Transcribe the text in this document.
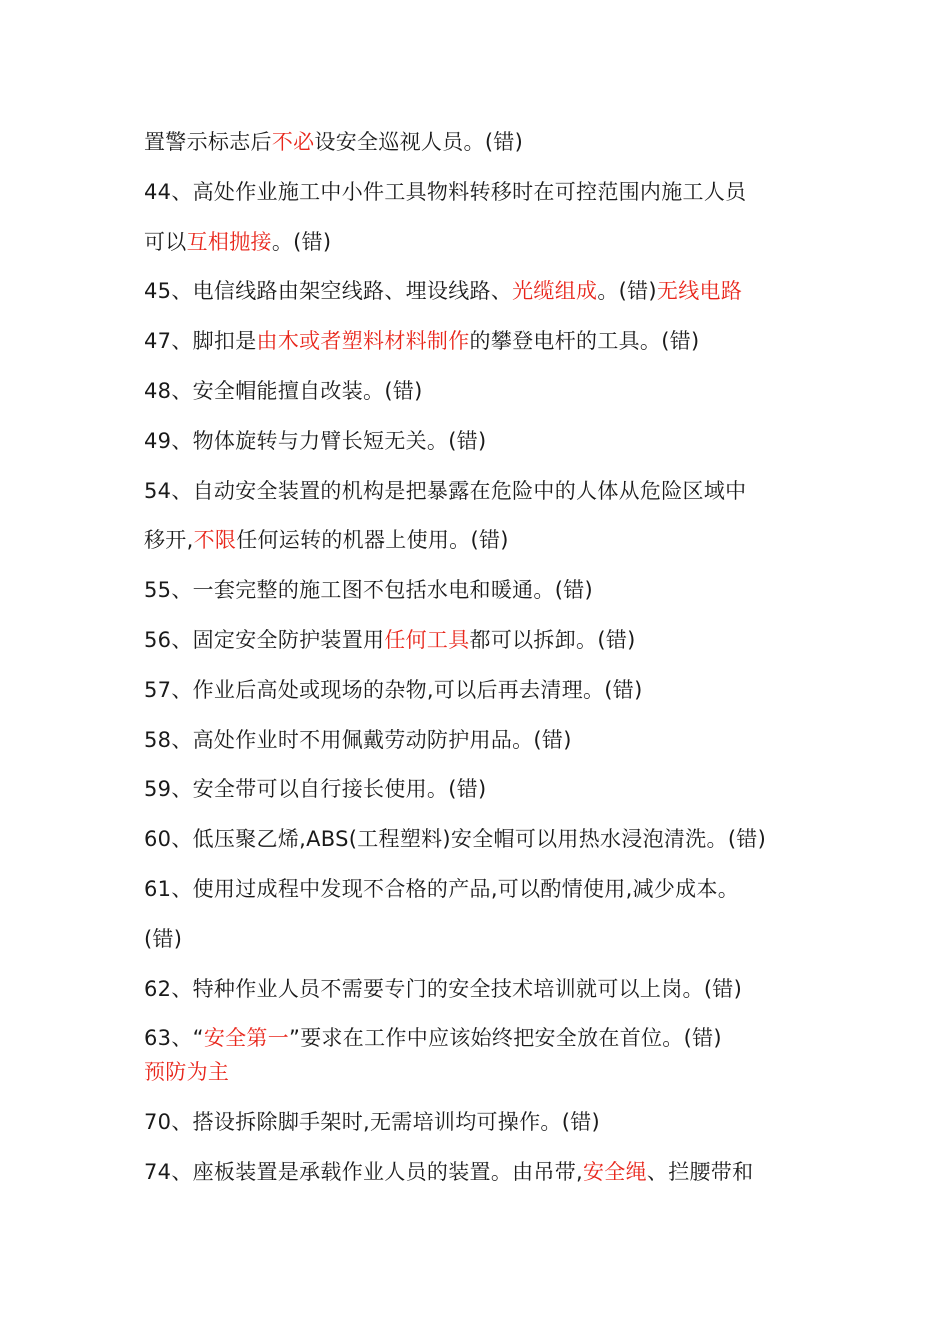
置警示标志后不必设安全巡视人员。(错)
44、高处作业施工中小件工具物料转移时在可控范围内施工人员
可以互相抛接。(错)
45、电信线路由架空线路、埋设线路、光缆组成。(错)无线电路
47、脚扣是由木或者塑料材料制作的攀登电杆的工具。(错)
48、安全帽能擅自改装。(错)
49、物体旋转与力臂长短无关。(错)
54、自动安全装置的机构是把暴露在危险中的人体从危险区域中
移开,不限任何运转的机器上使用。(错)
55、一套完整的施工图不包括水电和暖通。(错)
56、固定安全防护装置用任何工具都可以拆卸。(错)
57、作业后高处或现场的杂物,可以后再去清理。(错)
58、高处作业时不用佩戴劳动防护用品。(错)
59、安全带可以自行接长使用。(错)
60、低压聚乙烯,ABS(工程塑料)安全帽可以用热水浸泡清洗。(错)
61、使用过成程中发现不合格的产品,可以酌情使用,减少成本。
(错)
62、特种作业人员不需要专门的安全技术培训就可以上岗。(错)
63、“安全第一”要求在工作中应该始终把安全放在首位。(错)
预防为主
70、搭设拆除脚手架时,无需培训均可操作。(错)
74、座板装置是承载作业人员的装置。由吊带,安全绳、拦腰带和
